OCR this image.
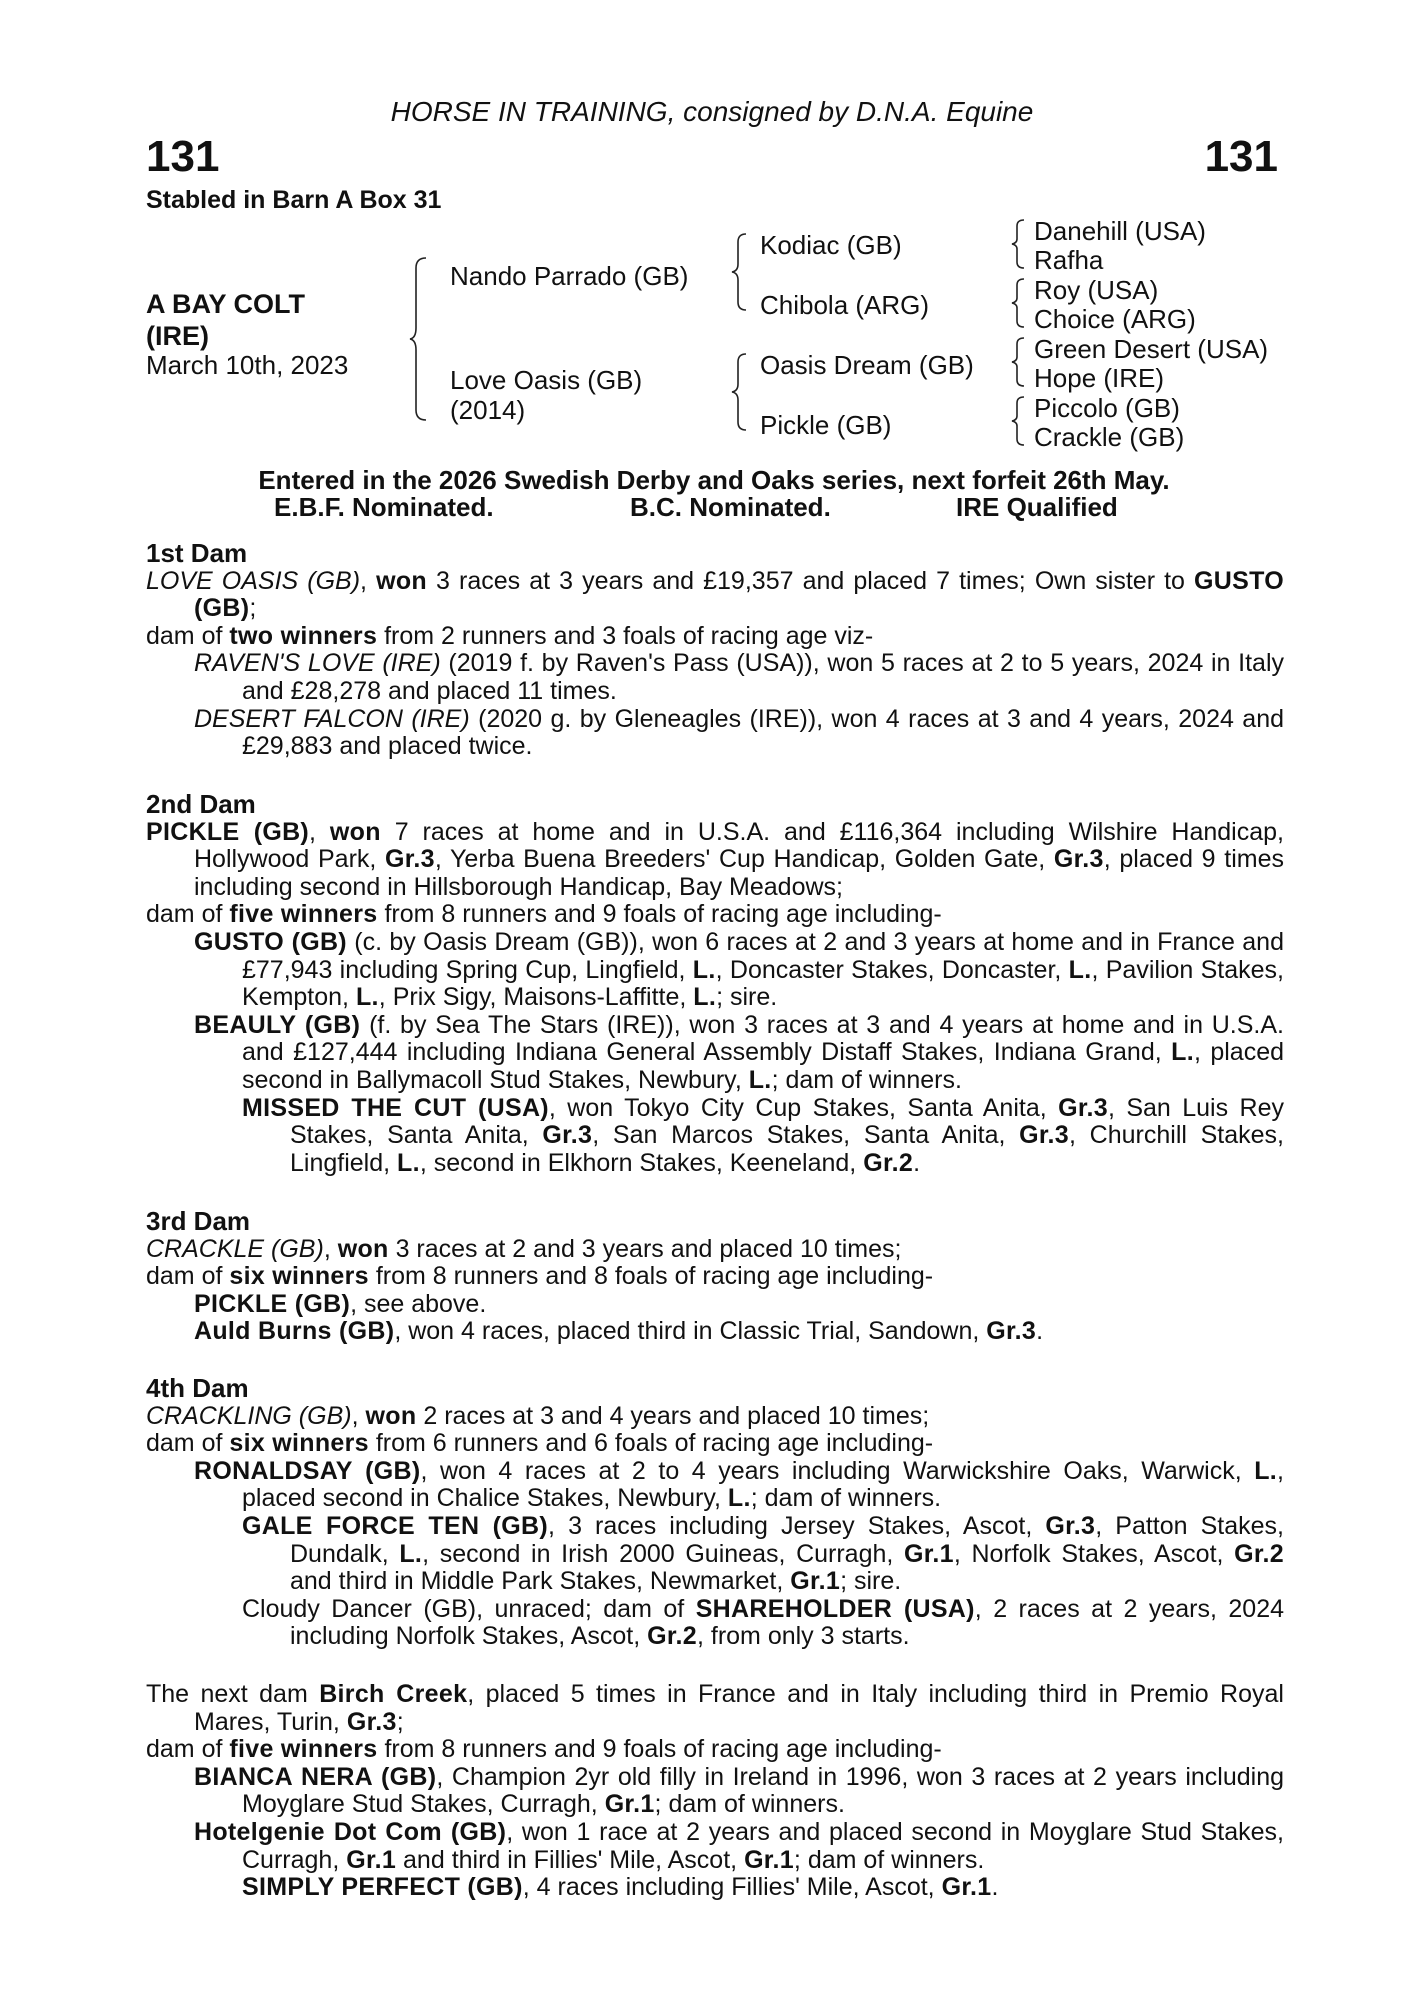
HORSE IN TRAINING, consigned by D.N.A. Equine
131	131
Stabled in Barn A Box 31
A BAY COLT
(IRE)
March 10th, 2023
Nando Parrado (GB)
Love Oasis (GB)
(2014)
Kodiac (GB)
Chibola (ARG)
Oasis Dream (GB)
Pickle (GB)
Danehill (USA)
Rafha
Roy (USA)
Choice (ARG)
Green Desert (USA)
Hope (IRE)
Piccolo (GB)
Crackle (GB)
Entered in the 2026 Swedish Derby and Oaks series, next forfeit 26th May.
E.B.F. Nominated.	B.C. Nominated.	IRE Qualified

1st Dam

LOVE OASIS (GB), won 3 races at 3 years and £19,357 and placed 7 times; Own sister to GUSTO (GB);

dam of two winners from 2 runners and 3 foals of racing age viz-

RAVEN'S LOVE (IRE) (2019 f. by Raven's Pass (USA)), won 5 races at 2 to 5 years, 2024 in Italy and £28,278 and placed 11 times.

DESERT FALCON (IRE) (2020 g. by Gleneagles (IRE)), won 4 races at 3 and 4 years, 2024 and £29,883 and placed twice.

2nd Dam

PICKLE (GB), won 7 races at home and in U.S.A. and £116,364 including Wilshire Handicap, Hollywood Park, Gr.3, Yerba Buena Breeders' Cup Handicap, Golden Gate, Gr.3, placed 9 times including second in Hillsborough Handicap, Bay Meadows;

dam of five winners from 8 runners and 9 foals of racing age including-

GUSTO (GB) (c. by Oasis Dream (GB)), won 6 races at 2 and 3 years at home and in France and £77,943 including Spring Cup, Lingfield, L., Doncaster Stakes, Doncaster, L., Pavilion Stakes, Kempton, L., Prix Sigy, Maisons-Laffitte, L.; sire.

BEAULY (GB) (f. by Sea The Stars (IRE)), won 3 races at 3 and 4 years at home and in U.S.A. and £127,444 including Indiana General Assembly Distaff Stakes, Indiana Grand, L., placed second in Ballymacoll Stud Stakes, Newbury, L.; dam of winners.

MISSED THE CUT (USA), won Tokyo City Cup Stakes, Santa Anita, Gr.3, San Luis Rey Stakes, Santa Anita, Gr.3, San Marcos Stakes, Santa Anita, Gr.3, Churchill Stakes, Lingfield, L., second in Elkhorn Stakes, Keeneland, Gr.2.

3rd Dam

CRACKLE (GB), won 3 races at 2 and 3 years and placed 10 times;

dam of six winners from 8 runners and 8 foals of racing age including-

PICKLE (GB), see above.

Auld Burns (GB), won 4 races, placed third in Classic Trial, Sandown, Gr.3.

4th Dam

CRACKLING (GB), won 2 races at 3 and 4 years and placed 10 times;

dam of six winners from 6 runners and 6 foals of racing age including-

RONALDSAY (GB), won 4 races at 2 to 4 years including Warwickshire Oaks, Warwick, L., placed second in Chalice Stakes, Newbury, L.; dam of winners.

GALE FORCE TEN (GB), 3 races including Jersey Stakes, Ascot, Gr.3, Patton Stakes, Dundalk, L., second in Irish 2000 Guineas, Curragh, Gr.1, Norfolk Stakes, Ascot, Gr.2 and third in Middle Park Stakes, Newmarket, Gr.1; sire.

Cloudy Dancer (GB), unraced; dam of SHAREHOLDER (USA), 2 races at 2 years, 2024 including Norfolk Stakes, Ascot, Gr.2, from only 3 starts.

The next dam Birch Creek, placed 5 times in France and in Italy including third in Premio Royal Mares, Turin, Gr.3;

dam of five winners from 8 runners and 9 foals of racing age including-

BIANCA NERA (GB), Champion 2yr old filly in Ireland in 1996, won 3 races at 2 years including Moyglare Stud Stakes, Curragh, Gr.1; dam of winners.

Hotelgenie Dot Com (GB), won 1 race at 2 years and placed second in Moyglare Stud Stakes, Curragh, Gr.1 and third in Fillies' Mile, Ascot, Gr.1; dam of winners.

SIMPLY PERFECT (GB), 4 races including Fillies' Mile, Ascot, Gr.1.
